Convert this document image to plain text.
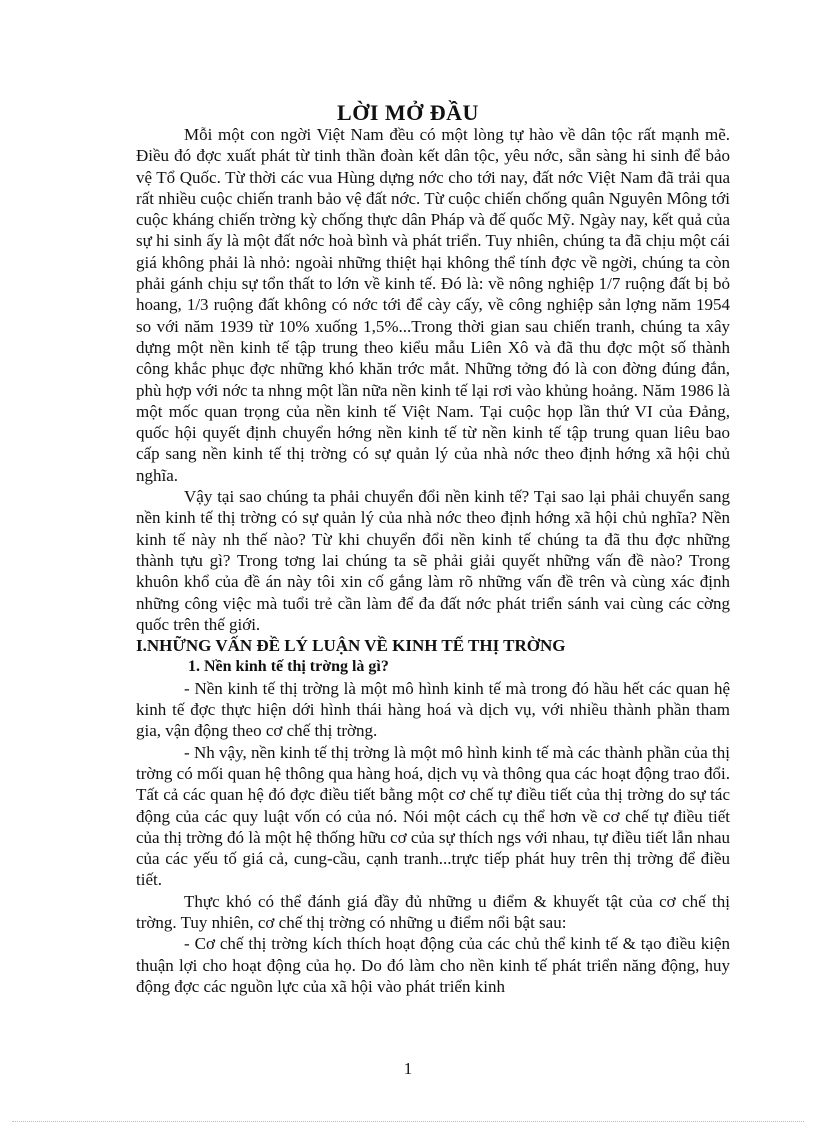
LỜI MỞ ĐẦU

Mỗi một con ngời Việt Nam đều có một lòng tự hào về dân tộc rất mạnh mẽ. Điều đó đợc xuất phát từ tinh thần đoàn kết dân tộc, yêu nớc, sẵn sàng hi sinh để bảo vệ Tổ Quốc. Từ thời các vua Hùng dựng nớc cho tới nay, đất nớc Việt Nam đã trải qua rất nhiều cuộc chiến tranh bảo vệ đất nớc. Từ cuộc chiến chống quân Nguyên Mông tới cuộc kháng chiến trờng kỳ chống thực dân Pháp và đế quốc Mỹ. Ngày nay, kết quả của sự hi sinh ấy là một đất nớc hoà bình và phát triển. Tuy nhiên, chúng ta đã chịu một cái giá không phải là nhỏ: ngoài những thiệt hại không thể tính đợc về ngời, chúng ta còn phải gánh chịu sự tổn thất to lớn về kinh tế. Đó là: về nông nghiệp 1/7 ruộng đất bị bỏ hoang, 1/3 ruộng đất không có nớc tới để cày cấy, về công nghiệp sản lợng năm 1954 so với năm 1939 từ 10% xuống 1,5%...Trong thời gian sau chiến tranh, chúng ta xây dựng một nền kinh tế tập trung theo kiểu mẫu Liên Xô và đã thu đợc một số thành công khắc phục đợc những khó khăn trớc mắt. Những tởng đó là con đờng đúng đắn, phù hợp với nớc ta nhng một lần nữa nền kinh tế lại rơi vào khủng hoảng. Năm 1986 là một mốc quan trọng của nền kinh tế Việt Nam. Tại cuộc họp lần thứ VI của Đảng, quốc hội quyết định chuyển hớng nền kinh tế từ nền kinh tế tập trung quan liêu bao cấp sang nền kinh tế thị trờng có sự quản lý của nhà nớc theo định hớng xã hội chủ nghĩa.

Vậy tại sao chúng ta phải chuyển đổi nền kinh tế? Tại sao lại phải chuyển sang nền kinh tế thị trờng có sự quản lý của nhà nớc theo định hớng xã hội chủ nghĩa? Nền kinh tế này nh thế nào? Từ khi chuyển đổi nền kinh tế chúng ta đã thu đợc những thành tựu gì? Trong tơng lai chúng ta sẽ phải giải quyết những vấn đề nào? Trong khuôn khổ của đề án này tôi xin cố gắng làm rõ những vấn đề trên và cùng xác định những công việc mà tuổi trẻ cần làm để đa đất nớc phát triển sánh vai cùng các cờng quốc trên thế giới.

I.NHỮNG VẤN ĐỀ LÝ LUẬN VỀ KINH TẾ THỊ TRỜNG
1. Nền kinh tế thị trờng là gì?

- Nền kinh tế thị trờng là một mô hình kinh tế mà trong đó hầu hết các quan hệ kinh tế đợc thực hiện dới hình thái hàng hoá và dịch vụ, với nhiều thành phần tham gia, vận động theo cơ chế thị trờng.

- Nh vậy, nền kinh tế thị trờng là một mô hình kinh tế mà các thành phần của thị trờng có mối quan hệ thông qua hàng hoá, dịch vụ và thông qua các hoạt động trao đổi. Tất cả các quan hệ đó đợc điều tiết bằng một cơ chế tự điều tiết của thị trờng do sự tác động của các quy luật vốn có của nó. Nói một cách cụ thể hơn về cơ chế tự điều tiết của thị trờng đó là một hệ thống hữu cơ của sự thích ngs với nhau, tự điều tiết lẫn nhau của các yếu tố giá cả, cung-cầu, cạnh tranh...trực tiếp phát huy trên thị trờng để điều tiết.

Thực khó có thể đánh giá đầy đủ những u điểm & khuyết tật của cơ chế thị trờng. Tuy nhiên, cơ chế thị trờng có những u điểm nổi bật sau:

- Cơ chế thị trờng kích thích hoạt động của các chủ thể kinh tế & tạo điều kiện thuận lợi cho hoạt động của họ. Do đó làm cho nền kinh tế phát triển năng động, huy động đợc các nguồn lực của xã hội vào phát triển kinh

1
